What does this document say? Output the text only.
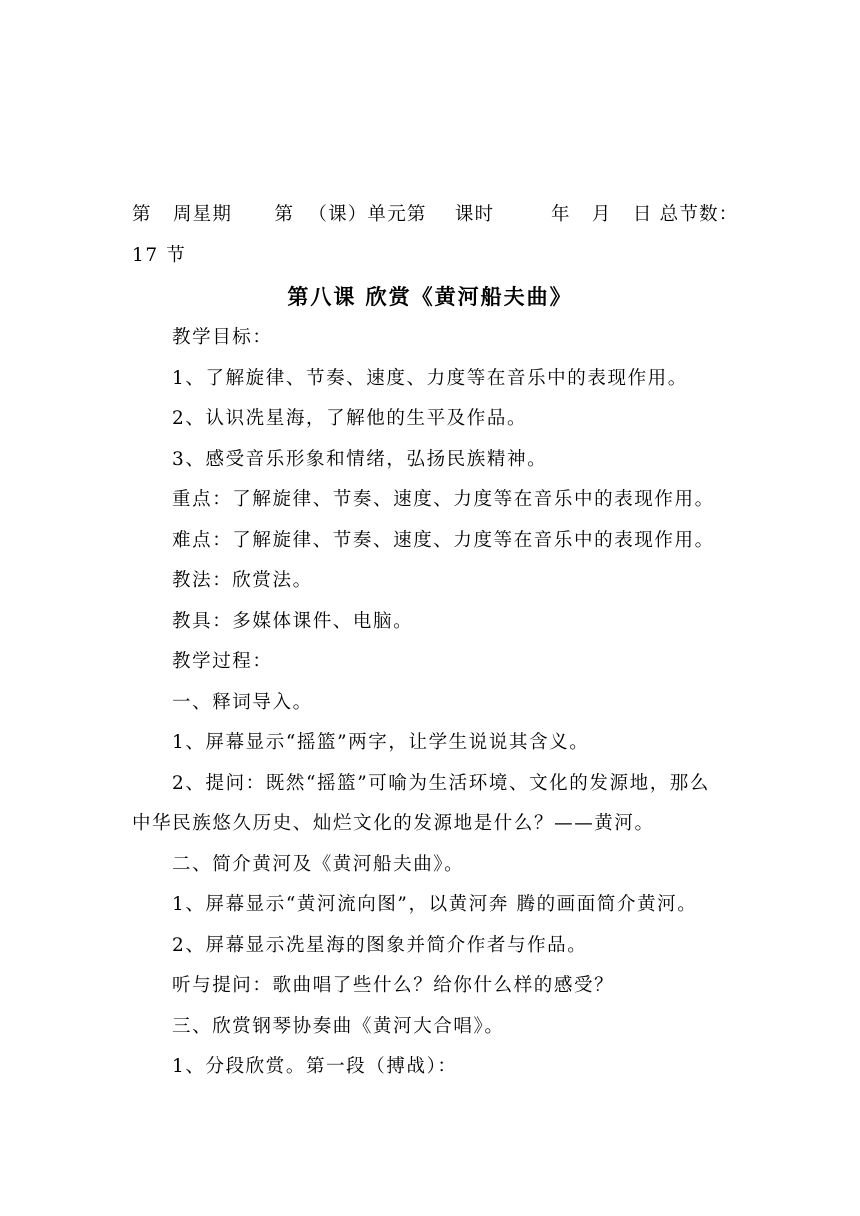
第   周星期      第  （课）单元第    课时        年   月   日 总节数：
17 节
第八课 欣赏《黄河船夫曲》
教学目标：
1、了解旋律、节奏、速度、力度等在音乐中的表现作用。
2、认识冼星海，了解他的生平及作品。
3、感受音乐形象和情绪，弘扬民族精神。
重点：了解旋律、节奏、速度、力度等在音乐中的表现作用。
难点：了解旋律、节奏、速度、力度等在音乐中的表现作用。
教法：欣赏法。
教具：多媒体课件、电脑。
教学过程：
一、释词导入。
1、屏幕显示“摇篮”两字，让学生说说其含义。
2、提问：既然“摇篮”可喻为生活环境、文化的发源地，那么
中华民族悠久历史、灿烂文化的发源地是什么？——黄河。
二、简介黄河及《黄河船夫曲》。
1、屏幕显示“黄河流向图”，以黄河奔 腾的画面简介黄河。
2、屏幕显示冼星海的图象并简介作者与作品。
听与提问：歌曲唱了些什么？给你什么样的感受？
三、欣赏钢琴协奏曲《黄河大合唱》。
1、分段欣赏。第一段（搏战）：
